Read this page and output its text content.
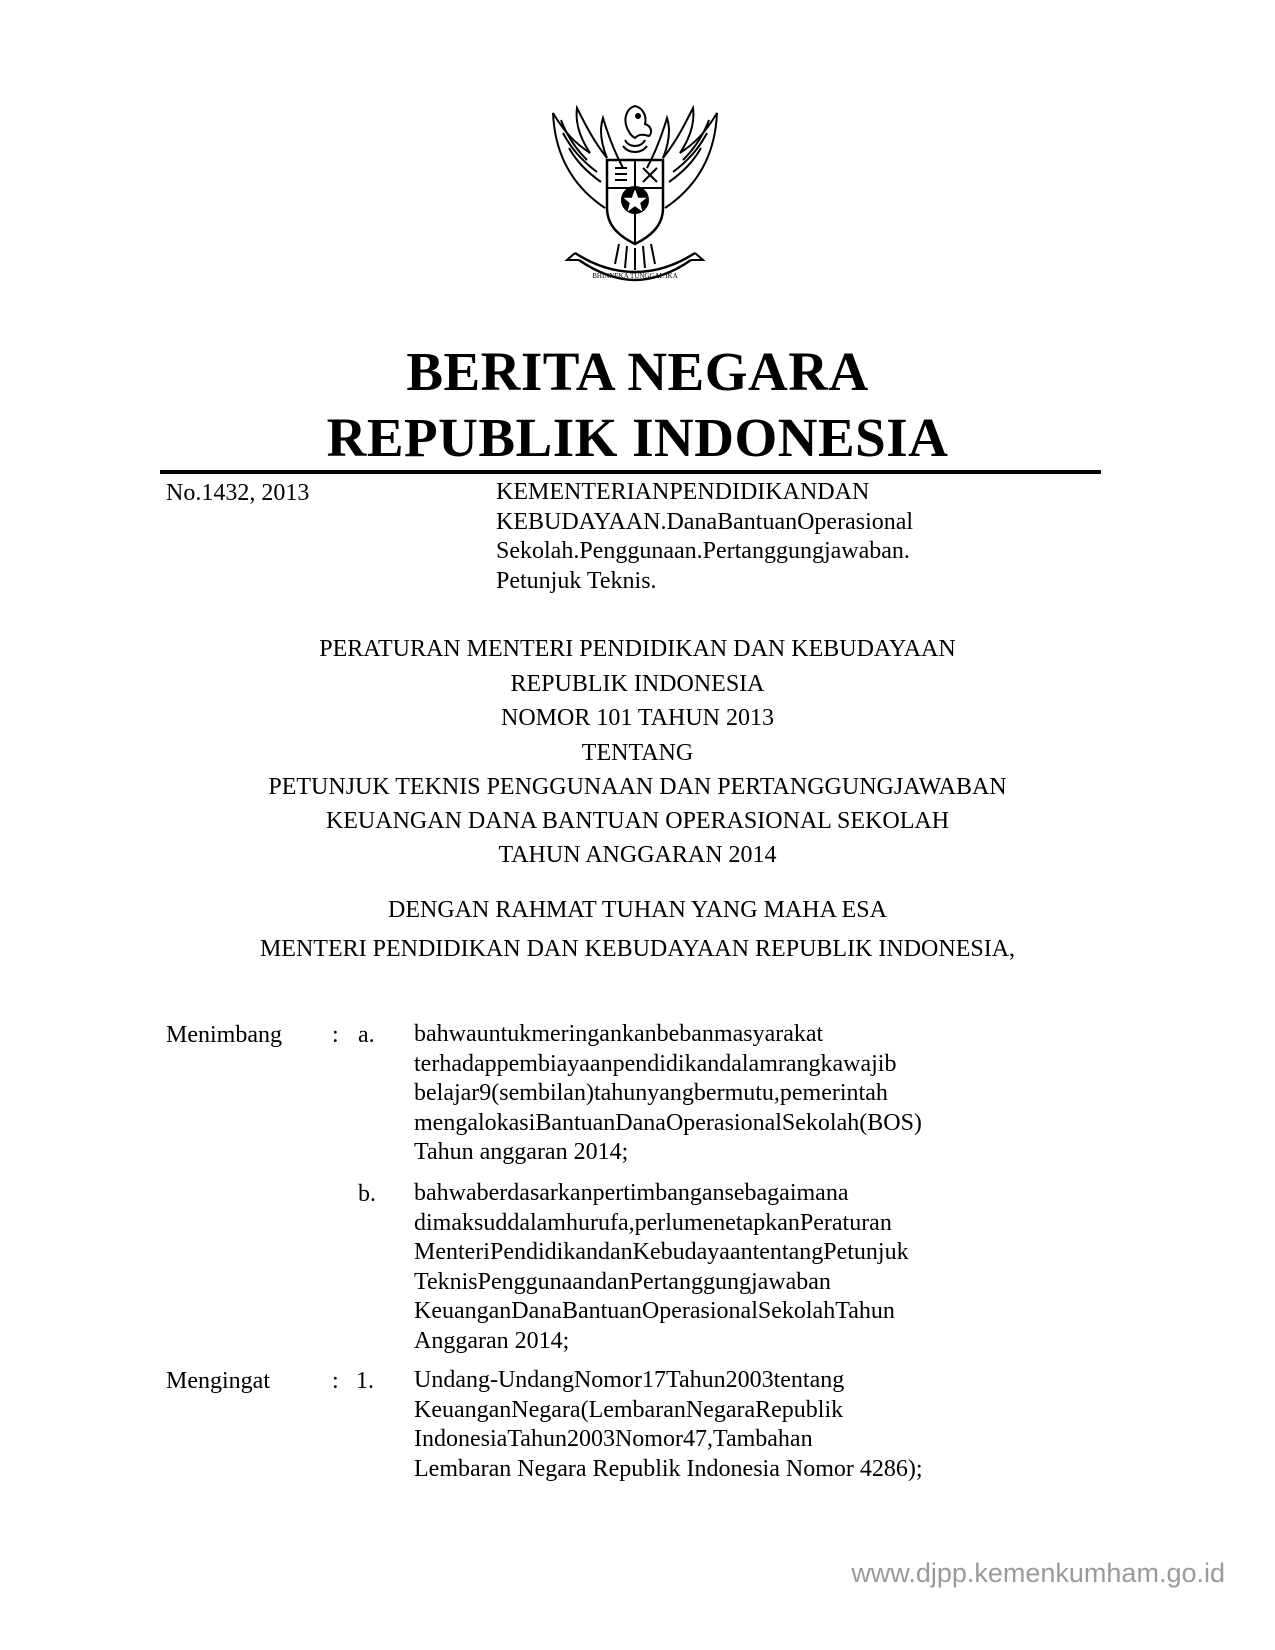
BHINNEKA TUNGGAL IKA
BERITA NEGARA
REPUBLIK INDONESIA
No.1432, 2013	KEMENTERIANPENDIDIKANDAN
KEBUDAYAAN.DanaBantuanOperasional
Sekolah.Penggunaan.Pertanggungjawaban.
Petunjuk Teknis.
PERATURAN MENTERI PENDIDIKAN DAN KEBUDAYAAN
REPUBLIK INDONESIA
NOMOR 101 TAHUN 2013
TENTANG
PETUNJUK TEKNIS PENGGUNAAN DAN PERTANGGUNGJAWABAN
KEUANGAN DANA BANTUAN OPERASIONAL SEKOLAH
TAHUN ANGGARAN 2014
DENGAN RAHMAT TUHAN YANG MAHA ESA
MENTERI PENDIDIKAN DAN KEBUDAYAAN REPUBLIK INDONESIA,
Menimbang : a. bahwauntukmeringankanbebanmasyarakat
terhadappembiayaanpendidikandalamrangkawajib
belajar9(sembilan)tahunyangbermutu,pemerintah
mengalokasiBantuanDanaOperasionalSekolah(BOS)
Tahun anggaran 2014;
b. bahwaberdasarkanpertimbangansebagaimana
dimaksuddalamhurufa,perlumenetapkanPeraturan
MenteriPendidikandanKebudayaantentangPetunjuk
TeknisPenggunaandanPertanggungjawaban
KeuanganDanaBantuanOperasionalSekolahTahun
Anggaran 2014;
Mengingat	: 1. Undang-UndangNomor17Tahun2003tentang
KeuanganNegara(LembaranNegaraRepublik
IndonesiaTahun2003Nomor47,Tambahan
Lembaran Negara Republik Indonesia Nomor 4286);
www.djpp.kemenkumham.go.id
